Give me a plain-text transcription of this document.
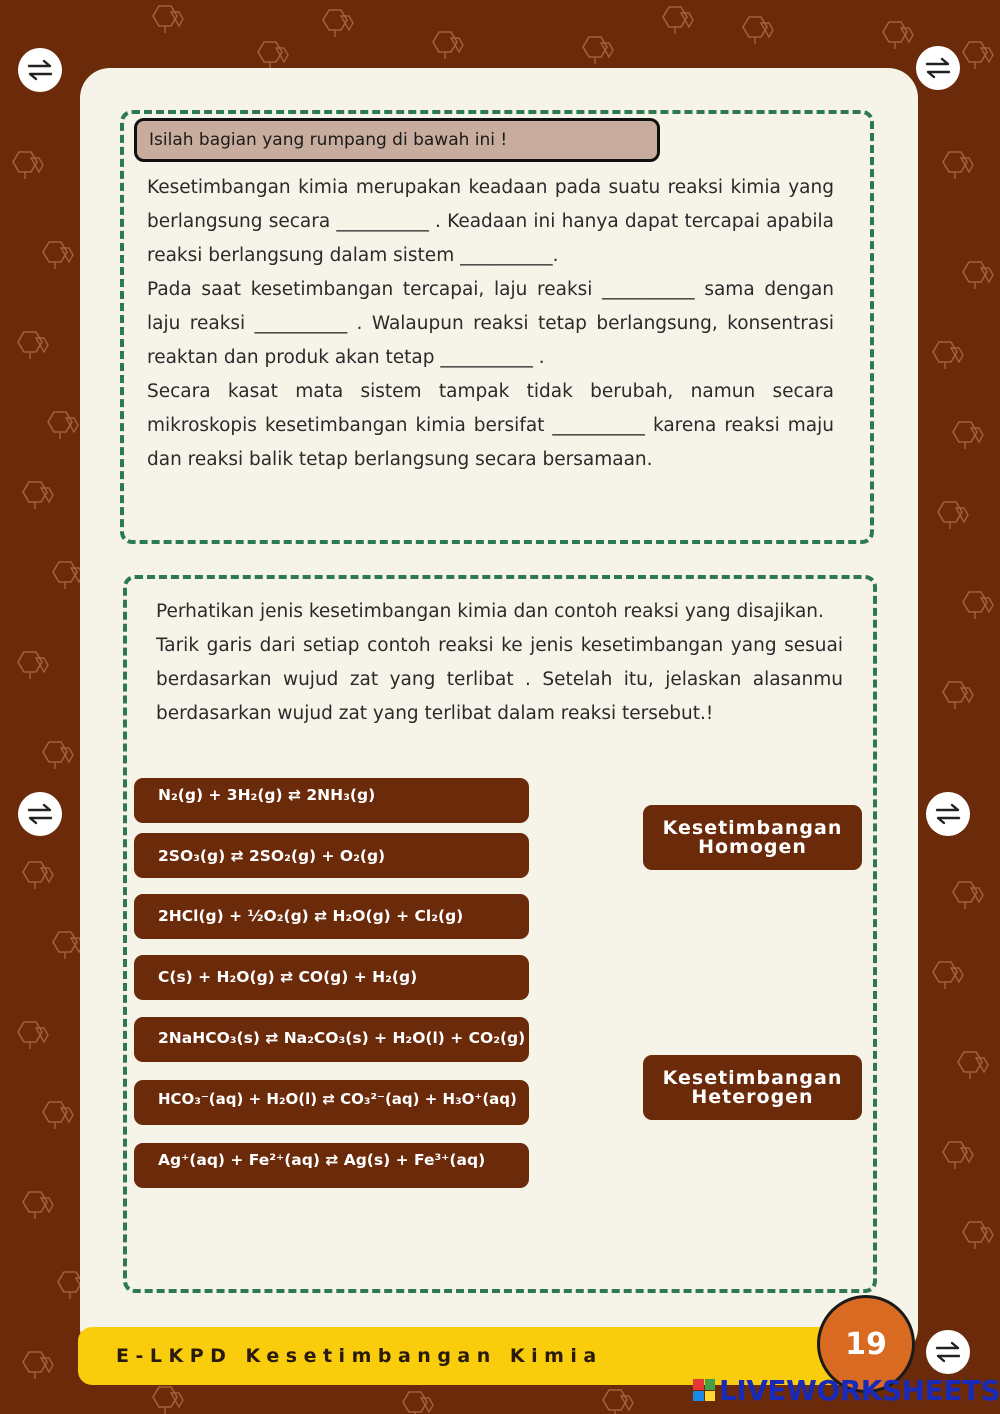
Isilah bagian yang rumpang di bawah ini !

Kesetimbangan kimia merupakan keadaan pada suatu reaksi kimia yang berlangsung secara __________ . Keadaan ini hanya dapat tercapai apabila reaksi berlangsung dalam sistem __________.

Pada saat kesetimbangan tercapai, laju reaksi __________ sama dengan laju reaksi __________ . Walaupun reaksi tetap berlangsung, konsentrasi reaktan dan produk akan tetap __________ .

Secara kasat mata sistem tampak tidak berubah, namun secara mikroskopis kesetimbangan kimia bersifat __________ karena reaksi maju dan reaksi balik tetap berlangsung secara bersamaan.

Perhatikan jenis kesetimbangan kimia dan contoh reaksi yang disajikan.

Tarik garis dari setiap contoh reaksi ke jenis kesetimbangan yang sesuai berdasarkan wujud zat yang terlibat . Setelah itu, jelaskan alasanmu berdasarkan wujud zat yang terlibat dalam reaksi tersebut.!

N₂(g) + 3H₂(g) ⇄ 2NH₃(g)
2SO₃(g) ⇄ 2SO₂(g) + O₂(g)
2HCl(g) + ½O₂(g) ⇄ H₂O(g) + Cl₂(g)
C(s) + H₂O(g) ⇄ CO(g) + H₂(g)
2NaHCO₃(s) ⇄ Na₂CO₃(s) + H₂O(l) + CO₂(g)
HCO₃⁻(aq) + H₂O(l) ⇄ CO₃²⁻(aq) + H₃O⁺(aq)
Ag⁺(aq) + Fe²⁺(aq) ⇄ Ag(s) + Fe³⁺(aq)
Kesetimbangan
Homogen
Kesetimbangan
Heterogen
E-LKPD Kesetimbangan Kimia	19
LIVEWORKSHEETS
